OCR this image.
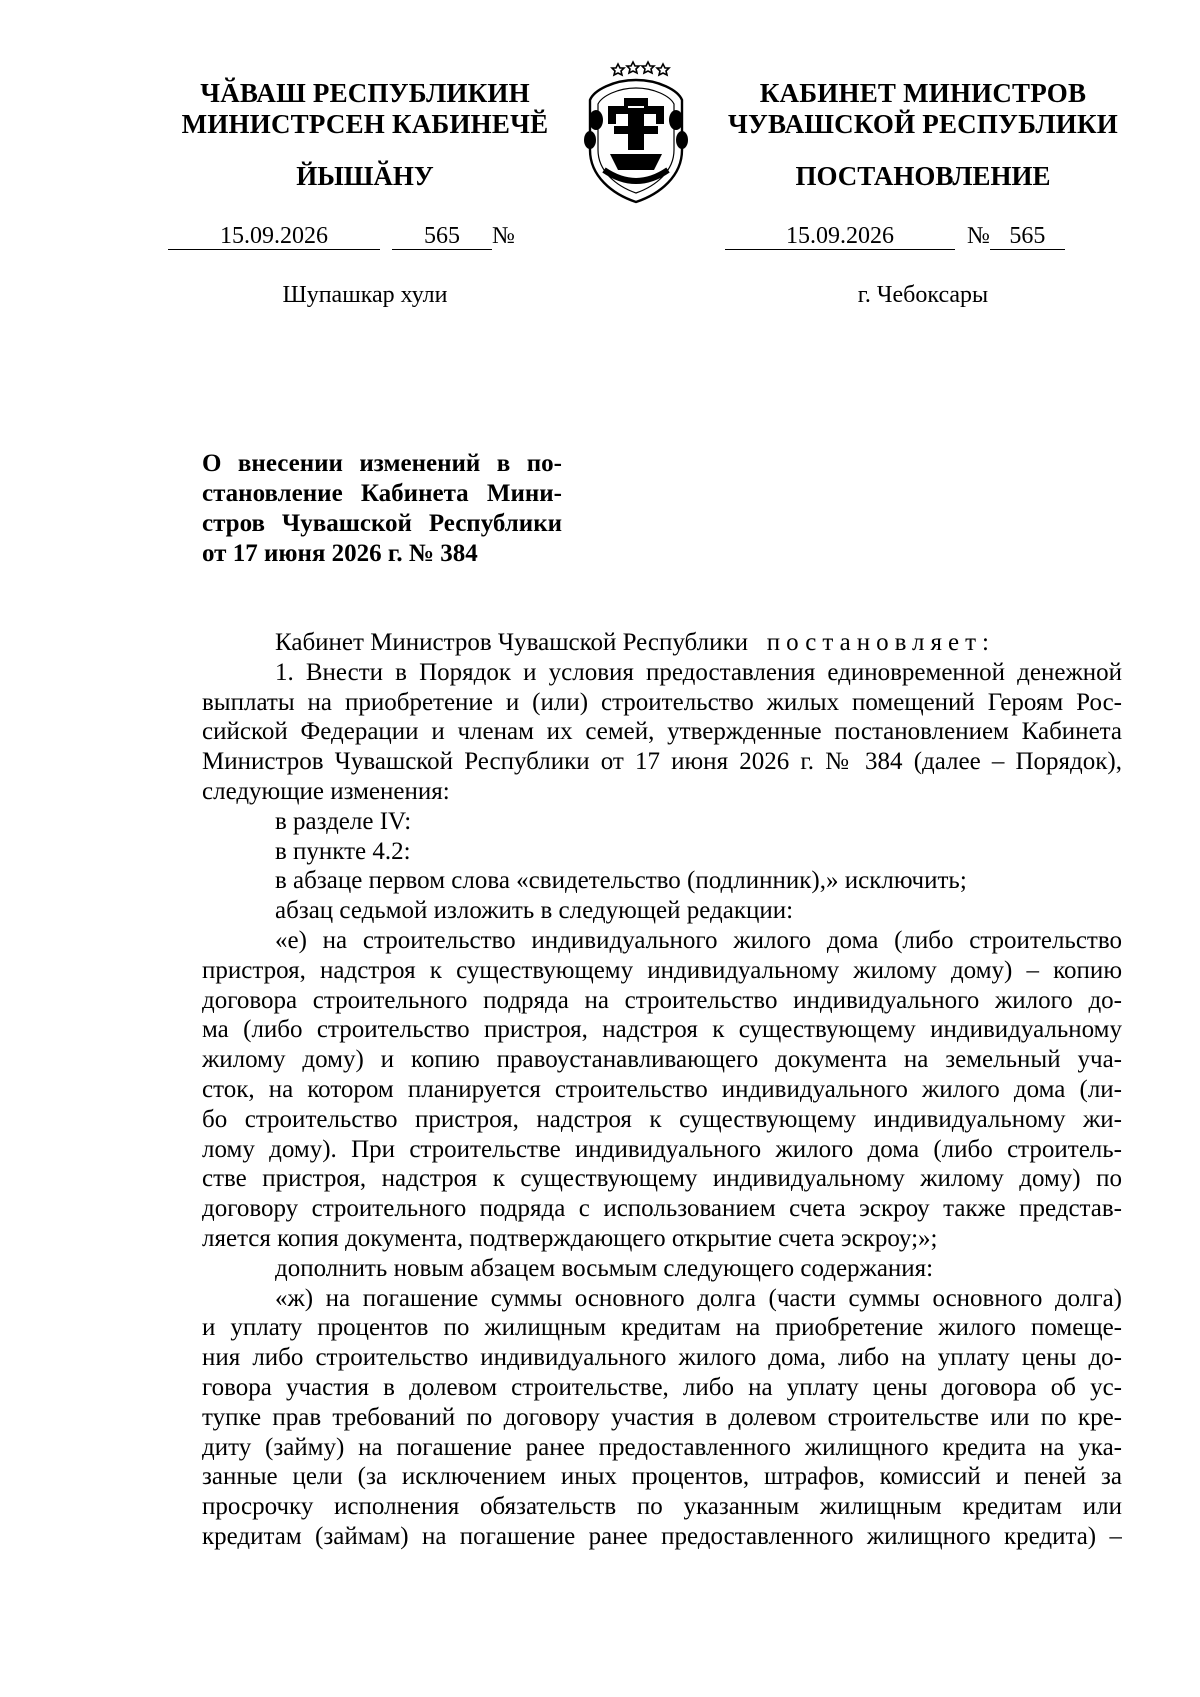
ЧӐВАШ РЕСПУБЛИКИН
МИНИСТРСЕН КАБИНЕЧӖ
ЙЫШӐНУ
КАБИНЕТ МИНИСТРОВ
ЧУВАШСКОЙ РЕСПУБЛИКИ
ПОСТАНОВЛЕНИЕ
15.09.2026	565 №	15.09.2026	№ 565
Шупашкар хули	г. Чебоксары
О внесении изменений в по-
становление Кабинета Мини-
стров Чувашской Республики
от 17 июня 2026 г. № 384
Кабинет Министров Чувашской Республики постановляет:
1. Внести в Порядок и условия предоставления единовременной денежной
выплаты на приобретение и (или) строительство жилых помещений Героям Рос-
сийской Федерации и членам их семей, утвержденные постановлением Кабинета
Министров Чувашской Республики от 17 июня 2026 г. № 384 (далее – Порядок),
следующие изменения:
в разделе IV:
в пункте 4.2:
в абзаце первом слова «свидетельство (подлинник),» исключить;
абзац седьмой изложить в следующей редакции:
«е) на строительство индивидуального жилого дома (либо строительство
пристроя, надстроя к существующему индивидуальному жилому дому) – копию
договора строительного подряда на строительство индивидуального жилого до-
ма (либо строительство пристроя, надстроя к существующему индивидуальному
жилому дому) и копию правоустанавливающего документа на земельный уча-
сток, на котором планируется строительство индивидуального жилого дома (ли-
бо строительство пристроя, надстроя к существующему индивидуальному жи-
лому дому). При строительстве индивидуального жилого дома (либо строитель-
стве пристроя, надстроя к существующему индивидуальному жилому дому) по
договору строительного подряда с использованием счета эскроу также представ-
ляется копия документа, подтверждающего открытие счета эскроу;»;
дополнить новым абзацем восьмым следующего содержания:
«ж) на погашение суммы основного долга (части суммы основного долга)
и уплату процентов по жилищным кредитам на приобретение жилого помеще-
ния либо строительство индивидуального жилого дома, либо на уплату цены до-
говора участия в долевом строительстве, либо на уплату цены договора об ус-
тупке прав требований по договору участия в долевом строительстве или по кре-
диту (займу) на погашение ранее предоставленного жилищного кредита на ука-
занные цели (за исключением иных процентов, штрафов, комиссий и пеней за
просрочку исполнения обязательств по указанным жилищным кредитам или
кредитам (займам) на погашение ранее предоставленного жилищного кредита) –
